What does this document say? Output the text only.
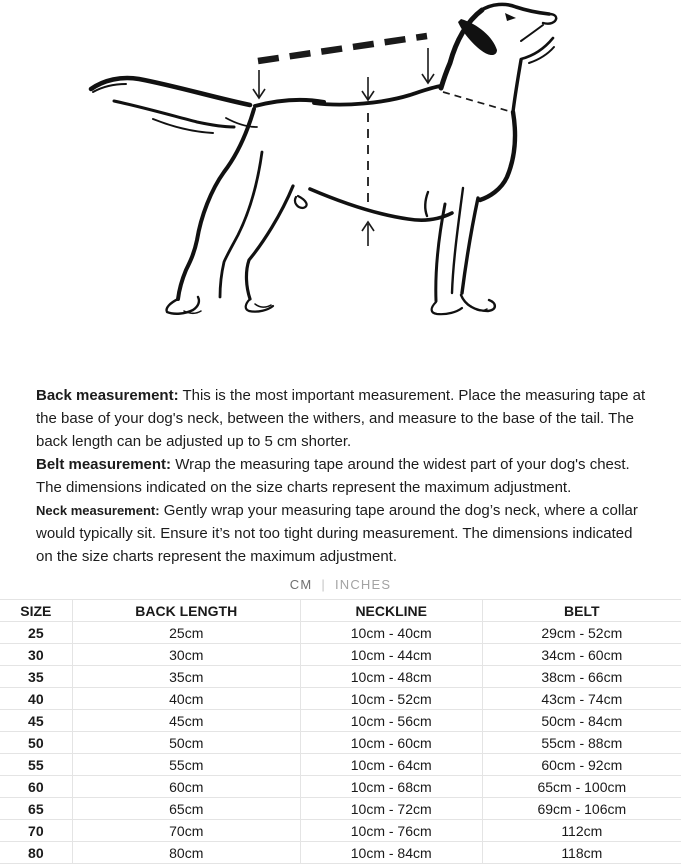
Back measurement: This is the most important measurement. Place the measuring tape at the base of your dog's neck, between the withers, and measure to the base of the tail. The back length can be adjusted up to 5 cm shorter.

Belt measurement: Wrap the measuring tape around the widest part of your dog's chest. The dimensions indicated on the size charts represent the maximum adjustment.

Neck measurement: Gently wrap your measuring tape around the dog’s neck, where a collar would typically sit. Ensure it’s not too tight during measurement. The dimensions indicated on the size charts represent the maximum adjustment.

CM | INCHES
SIZE	BACK LENGTH	NECKLINE	BELT
25	25cm	10cm - 40cm	29cm - 52cm
30	30cm	10cm - 44cm	34cm - 60cm
35	35cm	10cm - 48cm	38cm - 66cm
40	40cm	10cm - 52cm	43cm - 74cm
45	45cm	10cm - 56cm	50cm - 84cm
50	50cm	10cm - 60cm	55cm - 88cm
55	55cm	10cm - 64cm	60cm - 92cm
60	60cm	10cm - 68cm	65cm - 100cm
65	65cm	10cm - 72cm	69cm - 106cm
70	70cm	10cm - 76cm	112cm
80	80cm	10cm - 84cm	118cm
